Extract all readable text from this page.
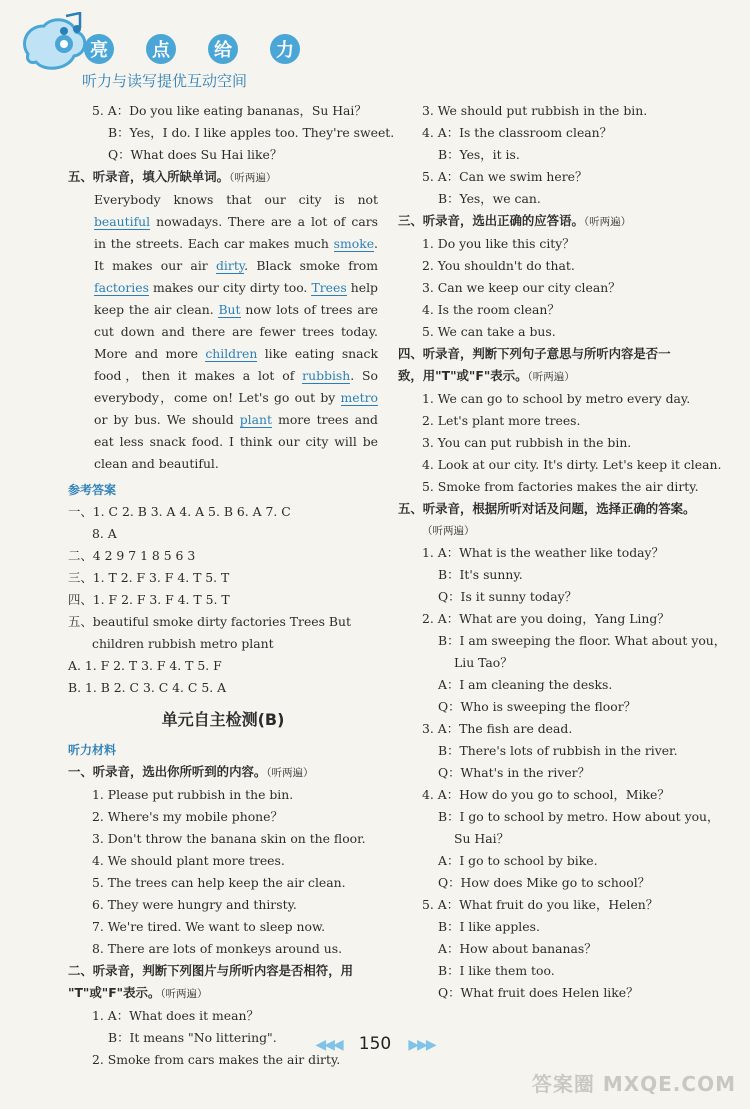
亮	点	给	力
听力与读写提优互动空间
5. A：Do you like eating bananas，Su Hai？
B：Yes，I do. I like apples too. They're sweet.
Q：What does Su Hai like？
五、听录音，填入所缺单词。（听两遍）

Everybody knows that our city is not beautiful nowadays. There are a lot of cars in the streets. Each car makes much smoke. It makes our air dirty. Black smoke from factories makes our city dirty too. Trees help keep the air clean. But now lots of trees are cut down and there are fewer trees today. More and more children like eating snack food，then it makes a lot of rubbish. So everybody，come on! Let's go out by metro or by bus. We should plant more trees and eat less snack food. I think our city will be clean and beautiful.

参考答案
一、1. C 2. B 3. A 4. A 5. B 6. A 7. C
8. A
二、4 2 9 7 1 8 5 6 3
三、1. T 2. F 3. F 4. T 5. T
四、1. F 2. F 3. F 4. T 5. T
五、beautiful smoke dirty factories Trees But
children rubbish metro plant
A. 1. F 2. T 3. F 4. T 5. F
B. 1. B 2. C 3. C 4. C 5. A
单元自主检测(B)
听力材料
一、听录音，选出你所听到的内容。（听两遍）
1. Please put rubbish in the bin.
2. Where's my mobile phone？
3. Don't throw the banana skin on the floor.
4. We should plant more trees.
5. The trees can help keep the air clean.
6. They were hungry and thirsty.
7. We're tired. We want to sleep now.
8. There are lots of monkeys around us.
二、听录音，判断下列图片与所听内容是否相符，用
"T"或"F"表示。（听两遍）
1. A：What does it mean？
B：It means "No littering".
2. Smoke from cars makes the air dirty.
3. We should put rubbish in the bin.
4. A：Is the classroom clean？
B：Yes，it is.
5. A：Can we swim here？
B：Yes，we can.
三、听录音，选出正确的应答语。（听两遍）
1. Do you like this city？
2. You shouldn't do that.
3. Can we keep our city clean？
4. Is the room clean？
5. We can take a bus.
四、听录音，判断下列句子意思与所听内容是否一
致，用"T"或"F"表示。（听两遍）
1. We can go to school by metro every day.
2. Let's plant more trees.
3. You can put rubbish in the bin.
4. Look at our city. It's dirty. Let's keep it clean.
5. Smoke from factories makes the air dirty.
五、听录音，根据所听对话及问题，选择正确的答案。
（听两遍）
1. A：What is the weather like today？
B：It's sunny.
Q：Is it sunny today？
2. A：What are you doing，Yang Ling？
B：I am sweeping the floor. What about you，
Liu Tao？
A：I am cleaning the desks.
Q：Who is sweeping the floor？
3. A：The fish are dead.
B：There's lots of rubbish in the river.
Q：What's in the river？
4. A：How do you go to school，Mike？
B：I go to school by metro. How about you，
Su Hai？
A：I go to school by bike.
Q：How does Mike go to school？
5. A：What fruit do you like，Helen？
B：I like apples.
A：How about bananas？
B：I like them too.
Q：What fruit does Helen like？
◀◀◀ 150 ▶▶▶
答案圈 MXQE.COM
